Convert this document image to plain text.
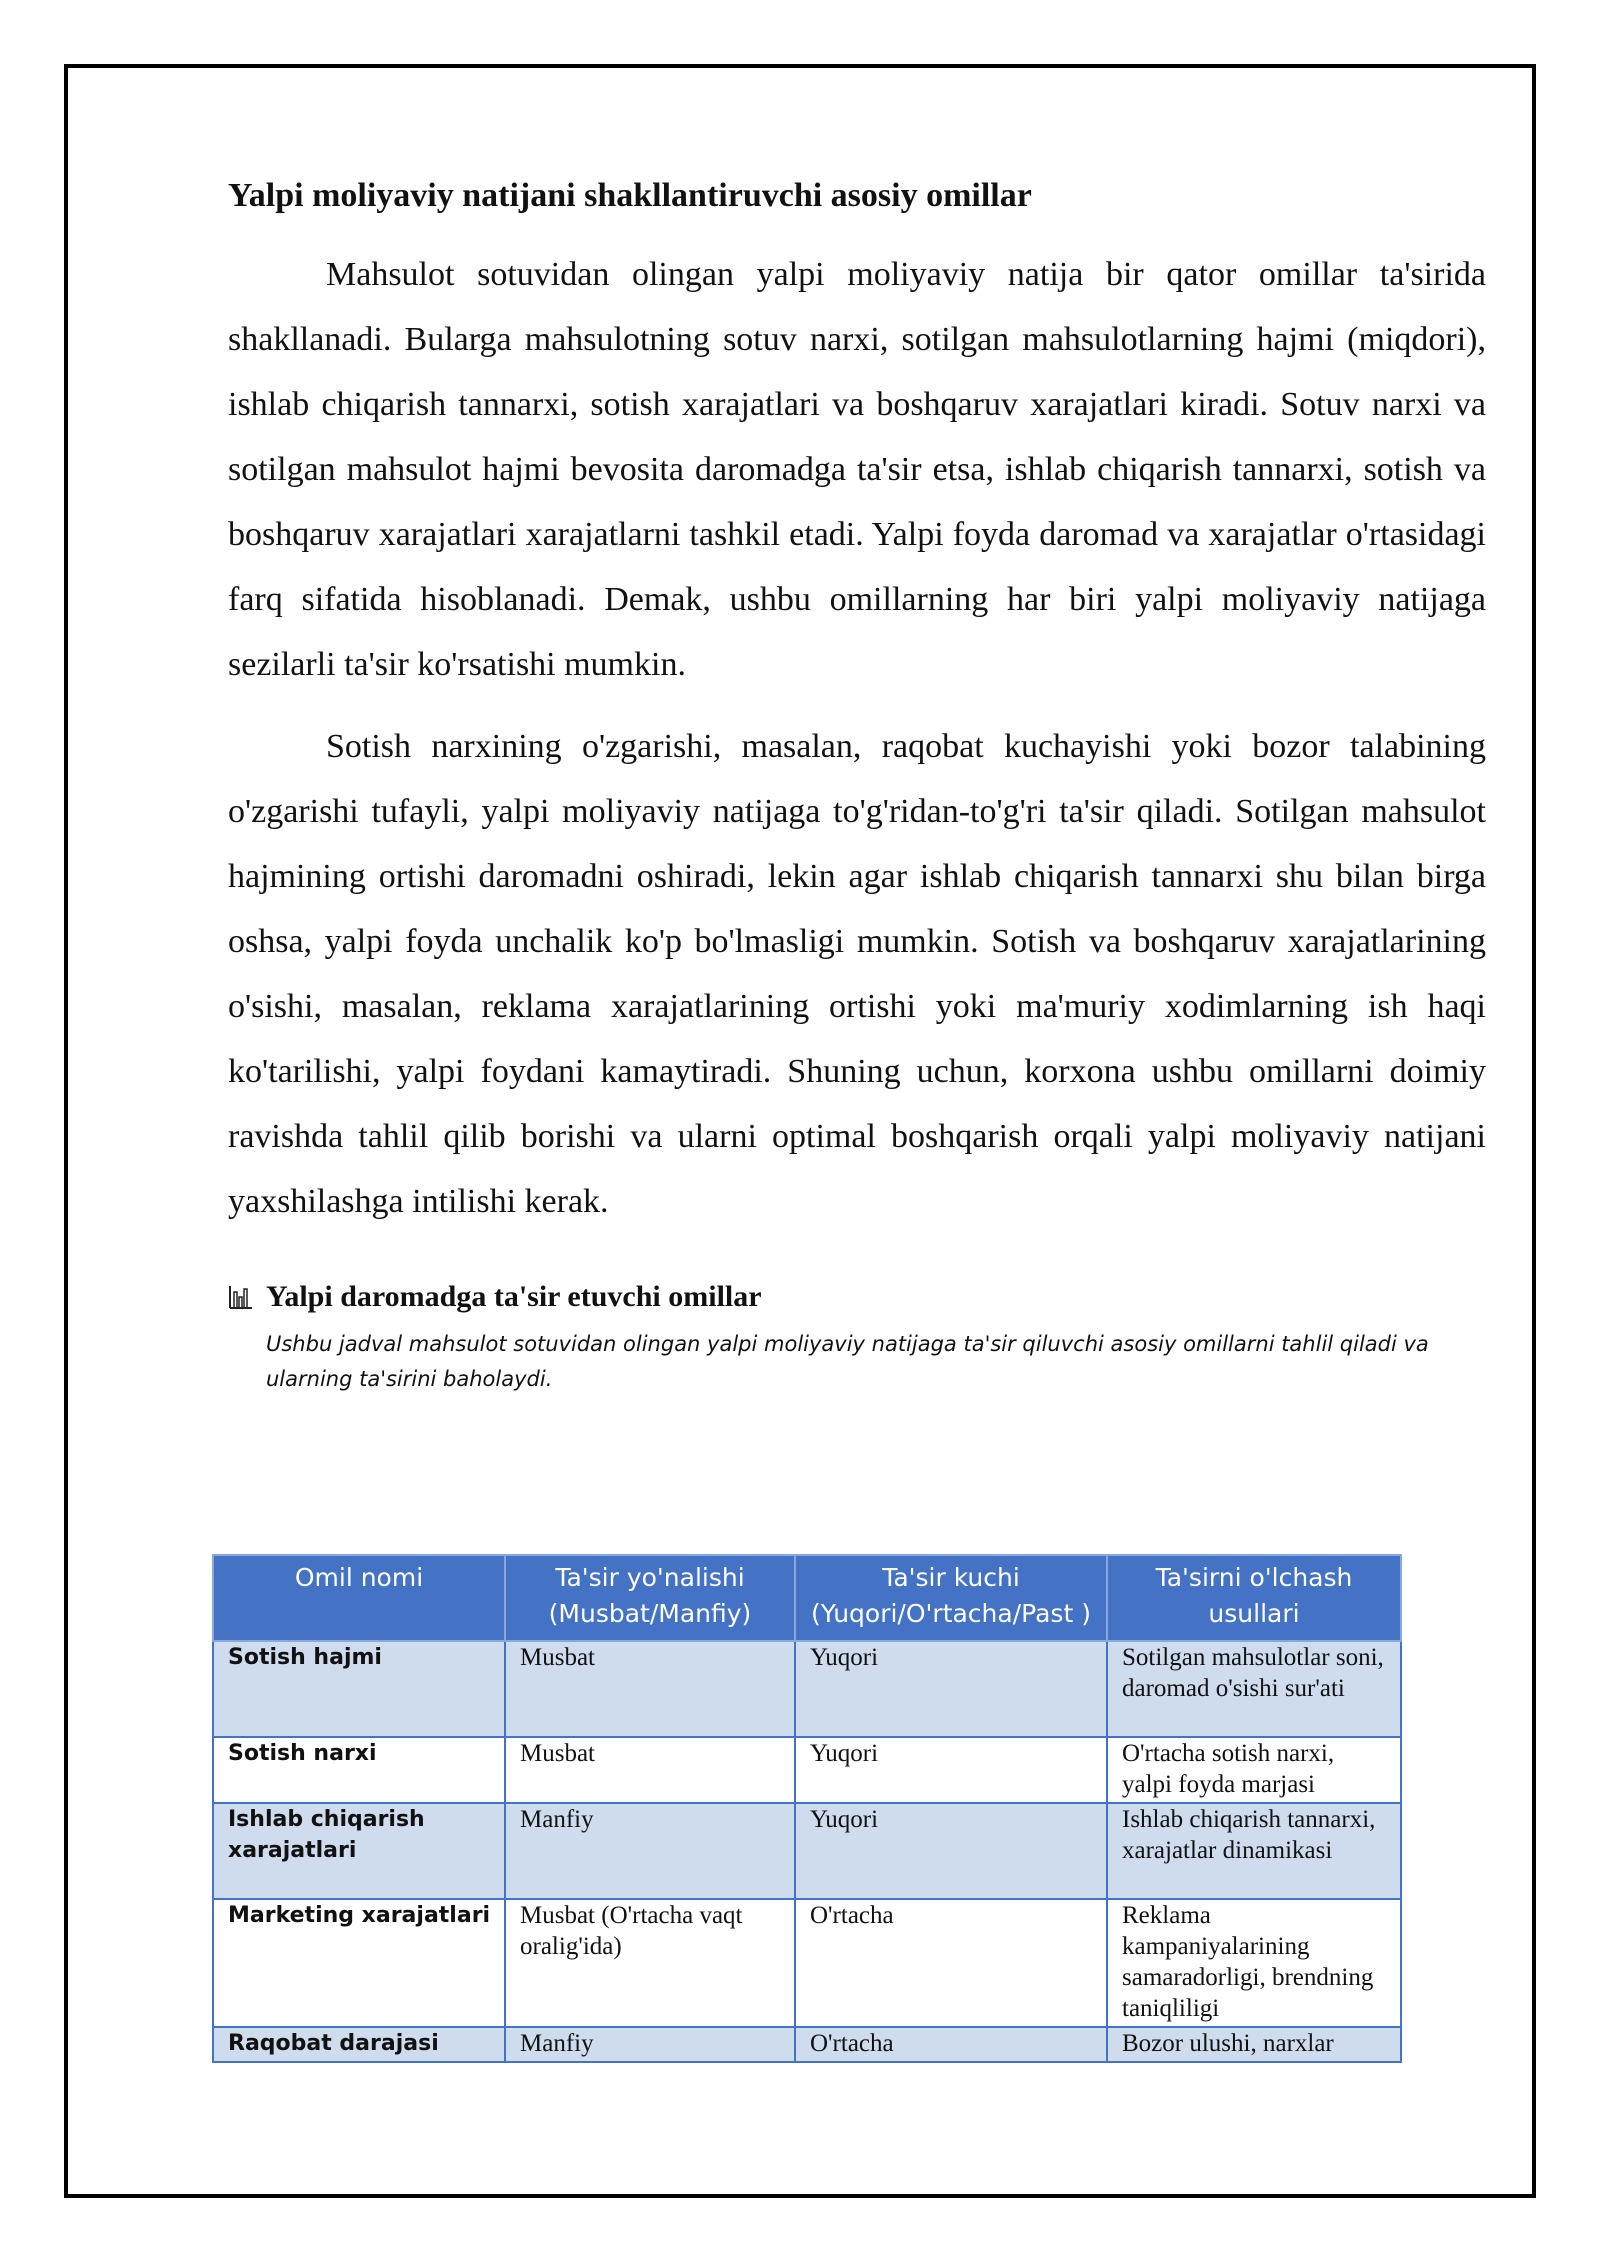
Yalpi moliyaviy natijani shakllantiruvchi asosiy omillar

Mahsulot sotuvidan olingan yalpi moliyaviy natija bir qator omillar ta'sirida shakllanadi. Bularga mahsulotning sotuv narxi, sotilgan mahsulotlarning hajmi (miqdori), ishlab chiqarish tannarxi, sotish xarajatlari va boshqaruv xarajatlari kiradi. Sotuv narxi va sotilgan mahsulot hajmi bevosita daromadga ta'sir etsa, ishlab chiqarish tannarxi, sotish va boshqaruv xarajatlari xarajatlarni tashkil etadi. Yalpi foyda daromad va xarajatlar o'rtasidagi farq sifatida hisoblanadi. Demak, ushbu omillarning har biri yalpi moliyaviy natijaga sezilarli ta'sir ko'rsatishi mumkin.

Sotish narxining o'zgarishi, masalan, raqobat kuchayishi yoki bozor talabining o'zgarishi tufayli, yalpi moliyaviy natijaga to'g'ridan-to'g'ri ta'sir qiladi. Sotilgan mahsulot hajmining ortishi daromadni oshiradi, lekin agar ishlab chiqarish tannarxi shu bilan birga oshsa, yalpi foyda unchalik ko'p bo'lmasligi mumkin. Sotish va boshqaruv xarajatlarining o'sishi, masalan, reklama xarajatlarining ortishi yoki ma'muriy xodimlarning ish haqi ko'tarilishi, yalpi foydani kamaytiradi. Shuning uchun, korxona ushbu omillarni doimiy ravishda tahlil qilib borishi va ularni optimal boshqarish orqali yalpi moliyaviy natijani yaxshilashga intilishi kerak.

Yalpi daromadga ta'sir etuvchi omillar
Ushbu jadval mahsulot sotuvidan olingan yalpi moliyaviy natijaga ta'sir qiluvchi asosiy omillarni tahlil qiladi va ularning ta'sirini baholaydi.
Omil nomi	Ta'sir yo'nalishi (Musbat/Manfiy)	Ta'sir kuchi (Yuqori/O'rtacha/Past )	Ta'sirni o'lchash usullari
Sotish hajmi	Musbat	Yuqori	Sotilgan mahsulotlar soni, daromad o'sishi sur'ati
Sotish narxi	Musbat	Yuqori	O'rtacha sotish narxi, yalpi foyda marjasi
Ishlab chiqarish xarajatlari	Manfiy	Yuqori	Ishlab chiqarish tannarxi, xarajatlar dinamikasi
Marketing xarajatlari	Musbat (O'rtacha vaqt oralig'ida)	O'rtacha	Reklama kampaniyalarining samaradorligi, brendning taniqliligi
Raqobat darajasi	Manfiy	O'rtacha	Bozor ulushi, narxlar
